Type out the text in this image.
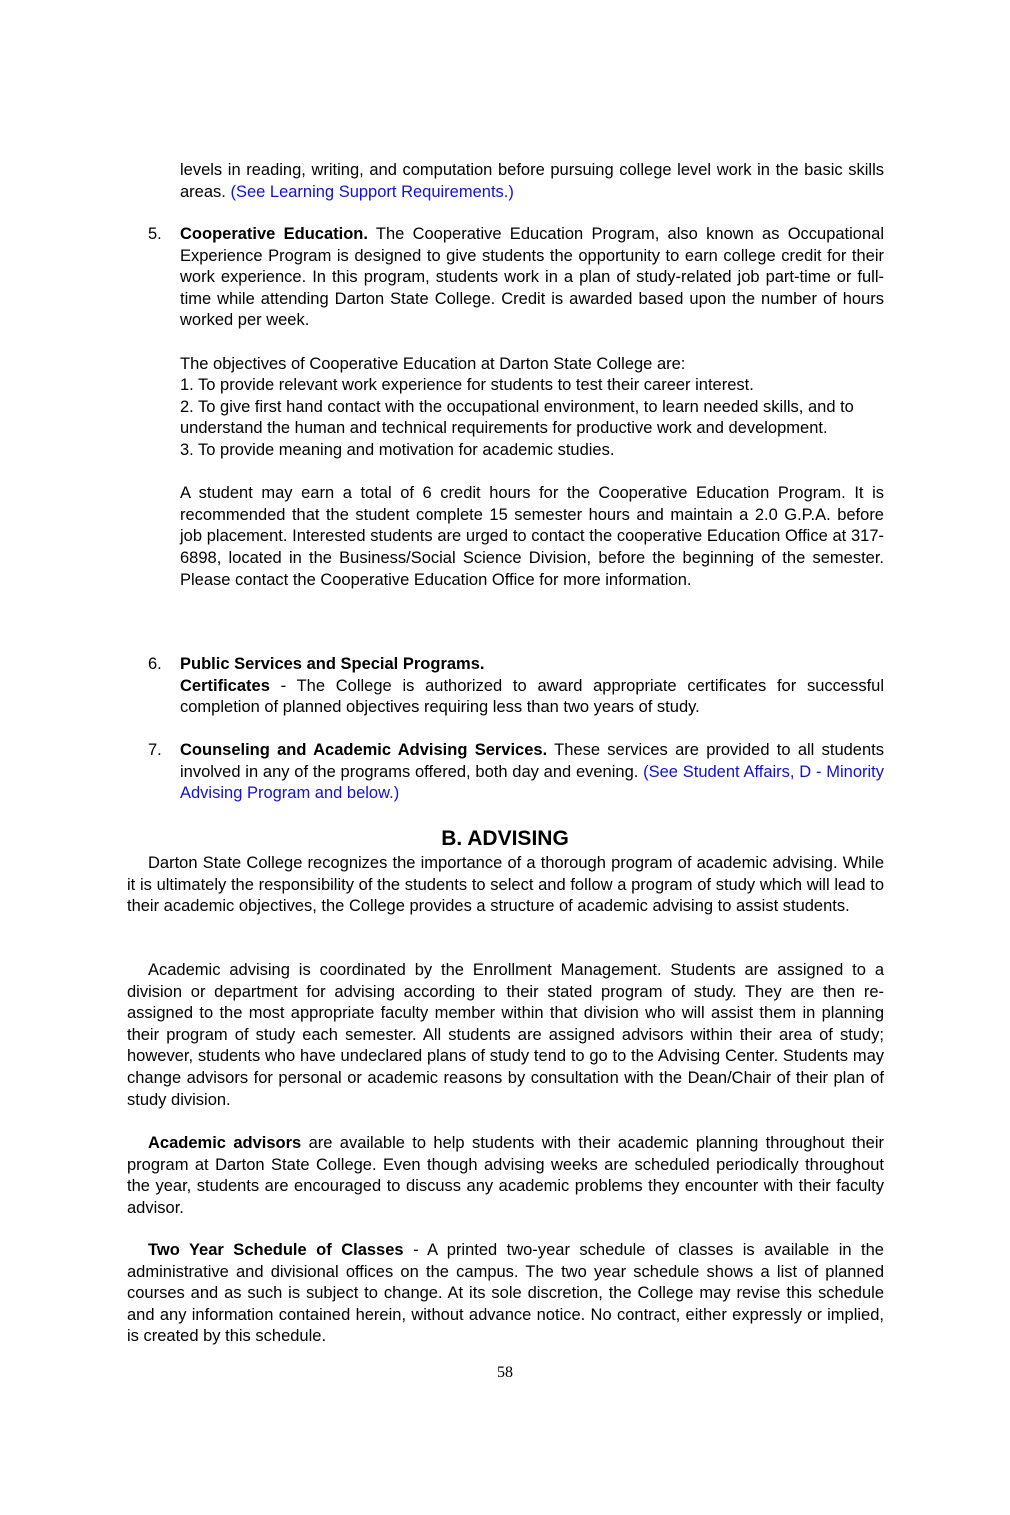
levels in reading, writing, and computation before pursuing college level work in the basic skills areas. (See Learning Support Requirements.)

5.	Cooperative Education. The Cooperative Education Program, also known as Occupational Experience Program is designed to give students the opportunity to earn college credit for their work experience. In this program, students work in a plan of study-related job part-time or full-time while attending Darton State College. Credit is awarded based upon the number of hours worked per week.

The objectives of Cooperative Education at Darton State College are:

1. To provide relevant work experience for students to test their career interest.

2. To give first hand contact with the occupational environment, to learn needed skills, and to understand the human and technical requirements for productive work and development.

3. To provide meaning and motivation for academic studies.

A student may earn a total of 6 credit hours for the Cooperative Education Program. It is recommended that the student complete 15 semester hours and maintain a 2.0 G.P.A. before job placement. Interested students are urged to contact the cooperative Education Office at 317-6898, located in the Business/Social Science Division, before the beginning of the semester. Please contact the Cooperative Education Office for more information.

6.	Public Services and Special Programs.

Certificates - The College is authorized to award appropriate certificates for successful completion of planned objectives requiring less than two years of study.

7.	Counseling and Academic Advising Services. These services are provided to all students involved in any of the programs offered, both day and evening. (See Student Affairs, D - Minority Advising Program and below.)

B. ADVISING

Darton State College recognizes the importance of a thorough program of academic advising. While it is ultimately the responsibility of the students to select and follow a program of study which will lead to their academic objectives, the College provides a structure of academic advising to assist students.

Academic advising is coordinated by the Enrollment Management. Students are assigned to a division or department for advising according to their stated program of study. They are then re-assigned to the most appropriate faculty member within that division who will assist them in planning their program of study each semester. All students are assigned advisors within their area of study; however, students who have undeclared plans of study tend to go to the Advising Center. Students may change advisors for personal or academic reasons by consultation with the Dean/Chair of their plan of study division.

Academic advisors are available to help students with their academic planning throughout their program at Darton State College. Even though advising weeks are scheduled periodically throughout the year, students are encouraged to discuss any academic problems they encounter with their faculty advisor.

Two Year Schedule of Classes - A printed two-year schedule of classes is available in the administrative and divisional offices on the campus. The two year schedule shows a list of planned courses and as such is subject to change. At its sole discretion, the College may revise this schedule and any information contained herein, without advance notice. No contract, either expressly or implied, is created by this schedule.

58
